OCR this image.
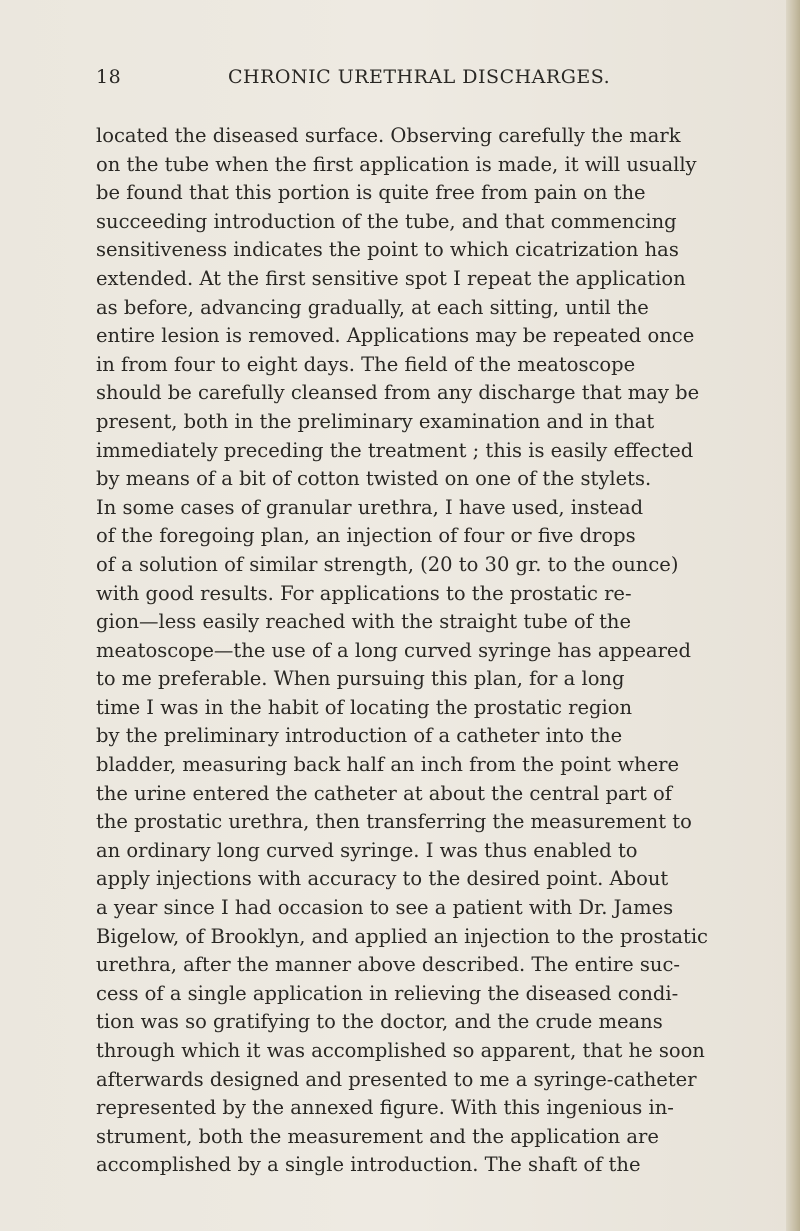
18	CHRONIC URETHRAL DISCHARGES.
located the diseased surface. Observing carefully the mark
on the tube when the first application is made, it will usually
be found that this portion is quite free from pain on the
succeeding introduction of the tube, and that commencing
sensitiveness indicates the point to which cicatrization has
extended. At the first sensitive spot I repeat the application
as before, advancing gradually, at each sitting, until the
entire lesion is removed. Applications may be repeated once
in from four to eight days. The field of the meatoscope
should be carefully cleansed from any discharge that may be
present, both in the preliminary examination and in that
immediately preceding the treatment ; this is easily effected
by means of a bit of cotton twisted on one of the stylets.
In some cases of granular urethra, I have used, instead
of the foregoing plan, an injection of four or five drops
of a solution of similar strength, (20 to 30 gr. to the ounce)
with good results. For applications to the prostatic re-
gion—less easily reached with the straight tube of the
meatoscope—the use of a long curved syringe has appeared
to me preferable. When pursuing this plan, for a long
time I was in the habit of locating the prostatic region
by the preliminary introduction of a catheter into the
bladder, measuring back half an inch from the point where
the urine entered the catheter at about the central part of
the prostatic urethra, then transferring the measurement to
an ordinary long curved syringe. I was thus enabled to
apply injections with accuracy to the desired point. About
a year since I had occasion to see a patient with Dr. James
Bigelow, of Brooklyn, and applied an injection to the prostatic
urethra, after the manner above described. The entire suc-
cess of a single application in relieving the diseased condi-
tion was so gratifying to the doctor, and the crude means
through which it was accomplished so apparent, that he soon
afterwards designed and presented to me a syringe-catheter
represented by the annexed figure. With this ingenious in-
strument, both the measurement and the application are
accomplished by a single introduction. The shaft of the
